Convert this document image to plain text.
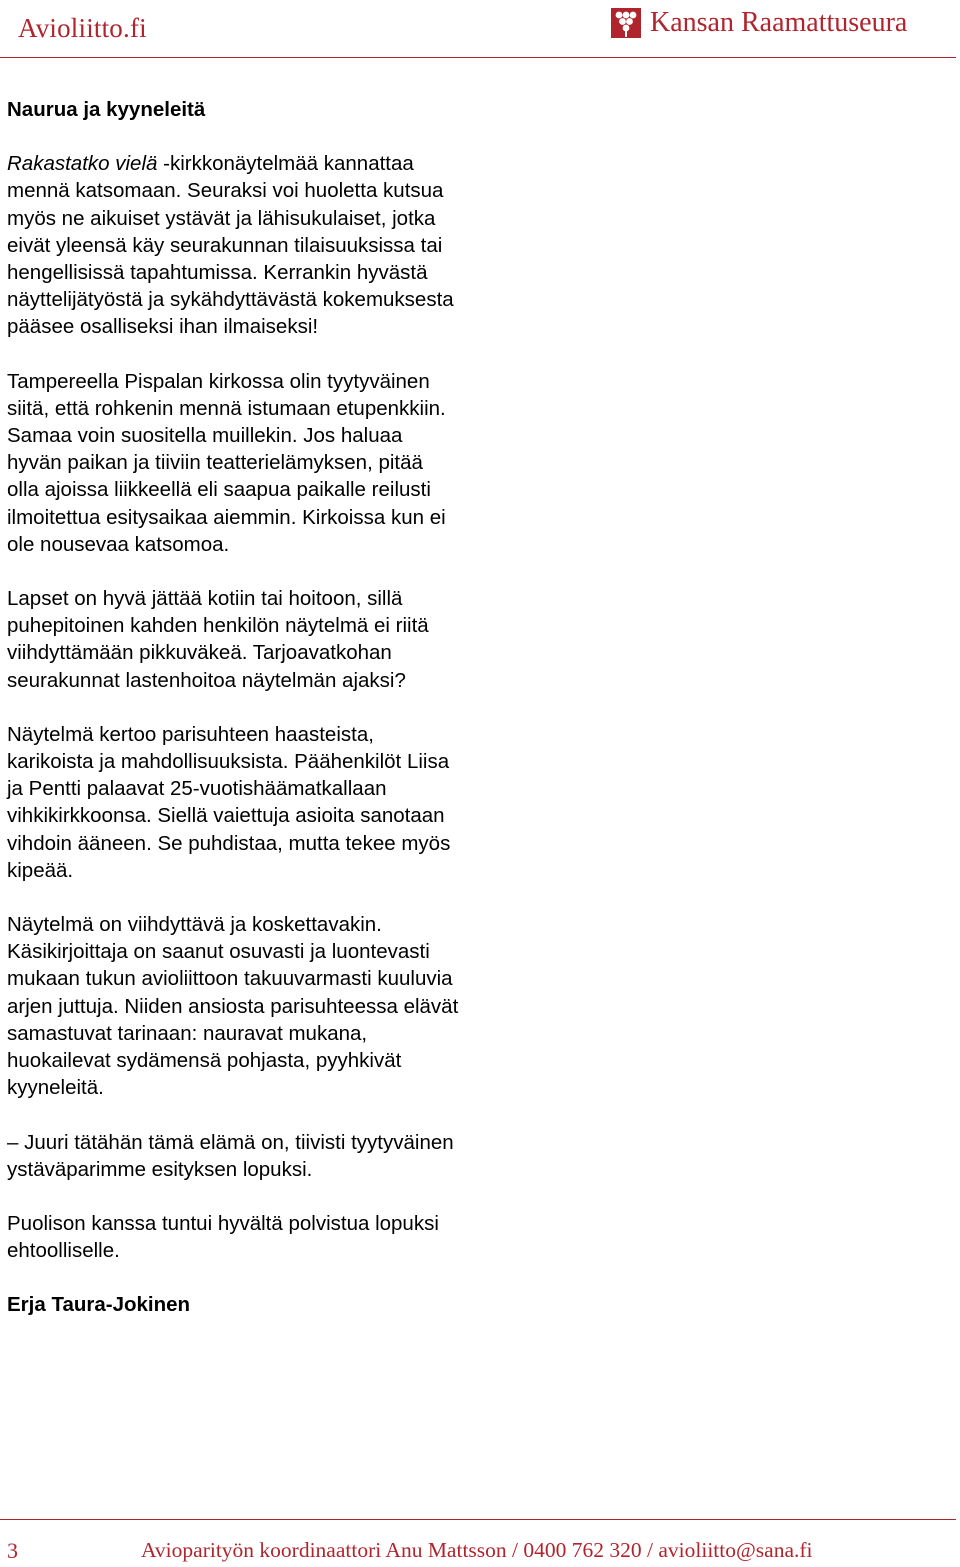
Avioliitto.fi	Kansan Raamattuseura

Naurua ja kyyneleitä

Rakastatko vielä -kirkkonäytelmää kannattaa mennä katsomaan. Seuraksi voi huoletta kutsua myös ne aikuiset ystävät ja lähisukulaiset, jotka eivät yleensä käy seurakunnan tilaisuuksissa tai hengellisissä tapahtumissa. Kerrankin hyvästä näyttelijätyöstä ja sykähdyttävästä kokemuksesta pääsee osalliseksi ihan ilmaiseksi!

Tampereella Pispalan kirkossa olin tyytyväinen siitä, että rohkenin mennä istumaan etupenkkiin. Samaa voin suositella muillekin. Jos haluaa hyvän paikan ja tiiviin teatterielämyksen, pitää olla ajoissa liikkeellä eli saapua paikalle reilusti ilmoitettua esitysaikaa aiemmin. Kirkoissa kun ei ole nousevaa katsomoa.

Lapset on hyvä jättää kotiin tai hoitoon, sillä puhepitoinen kahden henkilön näytelmä ei riitä viihdyttämään pikkuväkeä. Tarjoavatkohan seurakunnat lastenhoitoa näytelmän ajaksi?

Näytelmä kertoo parisuhteen haasteista, karikoista ja mahdollisuuksista. Päähenkilöt Liisa ja Pentti palaavat 25-vuotishäämatkallaan vihkikirkkoonsa. Siellä vaiettuja asioita sanotaan vihdoin ääneen. Se puhdistaa, mutta tekee myös kipeää.

Näytelmä on viihdyttävä ja koskettavakin. Käsikirjoittaja on saanut osuvasti ja luontevasti mukaan tukun avioliittoon takuuvarmasti kuuluvia arjen juttuja. Niiden ansiosta parisuhteessa elävät samastuvat tarinaan: nauravat mukana, huokailevat sydämensä pohjasta, pyyhkivät kyyneleitä.

– Juuri tätähän tämä elämä on, tiivisti tyytyväinen ystäväparimme esityksen lopuksi.

Puolison kanssa tuntui hyvältä polvistua lopuksi ehtoolliselle.

Erja Taura-Jokinen

3	Avioparityön koordinaattori Anu Mattsson / 0400 762 320 / avioliitto@sana.fi
